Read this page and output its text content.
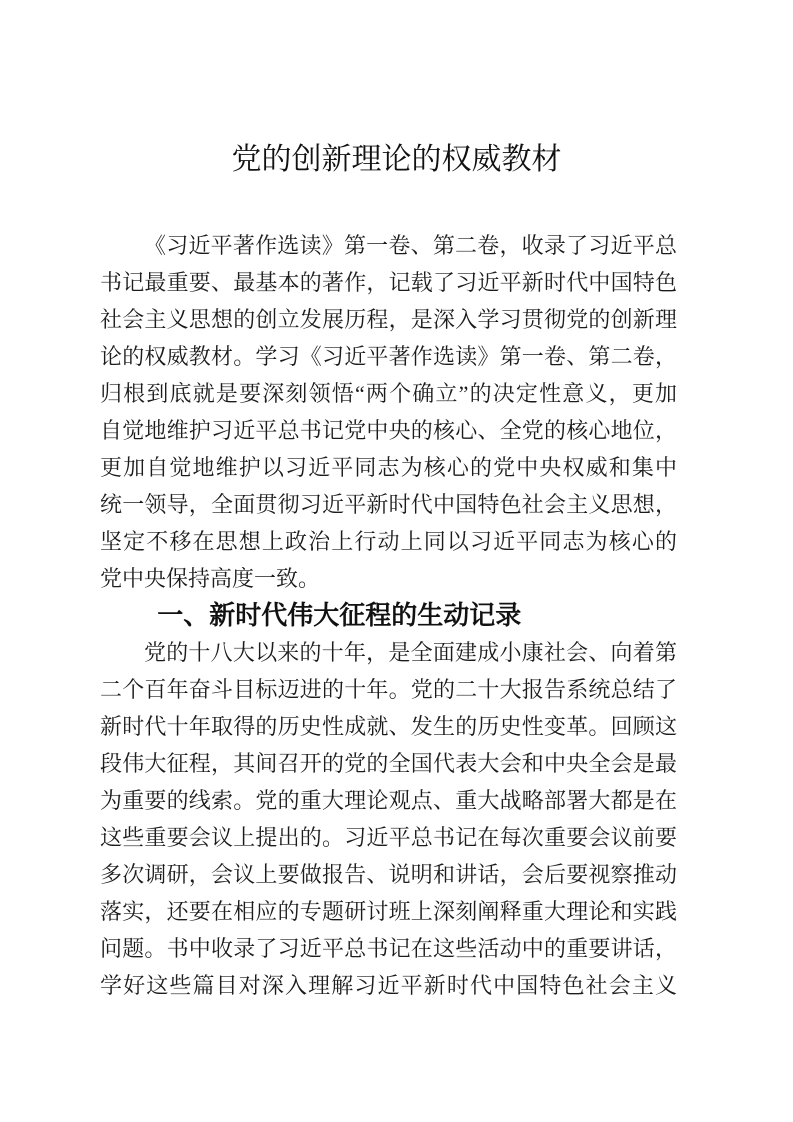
党的创新理论的权威教材
《习近平著作选读》第一卷、第二卷，收录了习近平总
书记最重要、最基本的著作，记载了习近平新时代中国特色
社会主义思想的创立发展历程，是深入学习贯彻党的创新理
论的权威教材。学习《习近平著作选读》第一卷、第二卷，
归根到底就是要深刻领悟“两个确立”的决定性意义，更加
自觉地维护习近平总书记党中央的核心、全党的核心地位，
更加自觉地维护以习近平同志为核心的党中央权威和集中
统一领导，全面贯彻习近平新时代中国特色社会主义思想，
坚定不移在思想上政治上行动上同以习近平同志为核心的
党中央保持高度一致。
一、新时代伟大征程的生动记录
党的十八大以来的十年，是全面建成小康社会、向着第
二个百年奋斗目标迈进的十年。党的二十大报告系统总结了
新时代十年取得的历史性成就、发生的历史性变革。回顾这
段伟大征程，其间召开的党的全国代表大会和中央全会是最
为重要的线索。党的重大理论观点、重大战略部署大都是在
这些重要会议上提出的。习近平总书记在每次重要会议前要
多次调研，会议上要做报告、说明和讲话，会后要视察推动
落实，还要在相应的专题研讨班上深刻阐释重大理论和实践
问题。书中收录了习近平总书记在这些活动中的重要讲话，
学好这些篇目对深入理解习近平新时代中国特色社会主义
